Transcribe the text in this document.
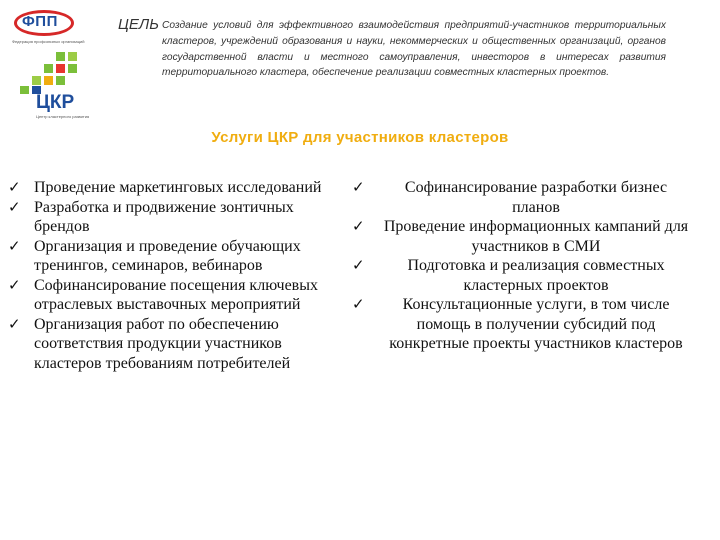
ФПП
Федерация профсоюзных организаций
ЦКР
Центр кластерного развития
ЦЕЛЬ Создание условий для эффективного взаимодействия предприятий-участников территориальных кластеров, учреждений образования и науки, некоммерческих и общественных организаций, органов государственной власти и местного самоуправления, инвесторов в интересах развития территориального кластера, обеспечение реализации совместных кластерных проектов.
Услуги ЦКР для участников кластеров
✓ Проведение маркетинговых исследований
✓ Разработка и продвижение зонтичных брендов
✓ Организация и проведение обучающих тренингов, семинаров, вебинаров
✓ Софинансирование посещения ключевых отраслевых выставочных мероприятий
✓ Организация работ по обеспечению соответствия продукции участников кластеров требованиям потребителей
✓	Софинансирование разработки бизнес планов
✓ Проведение информационных кампаний для участников в СМИ
✓	Подготовка и реализация совместных кластерных проектов
✓ Консультационные услуги, в том числе помощь в получении субсидий под конкретные проекты участников кластеров
